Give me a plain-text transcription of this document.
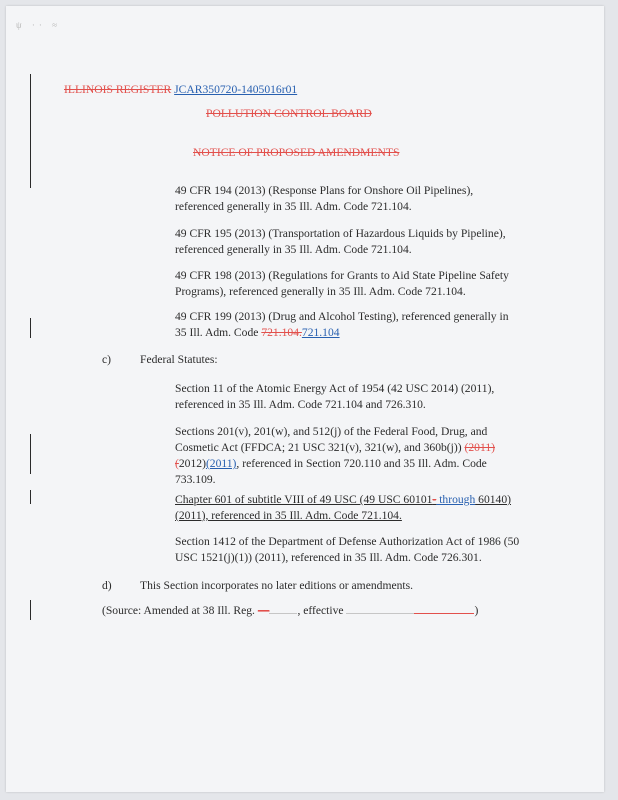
ψ ·· ≈
ILLINOIS REGISTER JCAR350720-1405016r01
POLLUTION CONTROL BOARD
NOTICE OF PROPOSED AMENDMENTS
49 CFR 194 (2013) (Response Plans for Onshore Oil Pipelines),
referenced generally in 35 Ill. Adm. Code 721.104.
49 CFR 195 (2013) (Transportation of Hazardous Liquids by Pipeline),
referenced generally in 35 Ill. Adm. Code 721.104.
49 CFR 198 (2013) (Regulations for Grants to Aid State Pipeline Safety
Programs), referenced generally in 35 Ill. Adm. Code 721.104.
49 CFR 199 (2013) (Drug and Alcohol Testing), referenced generally in
35 Ill. Adm. Code 721.104.721.104
c) Federal Statutes:
Section 11 of the Atomic Energy Act of 1954 (42 USC 2014) (2011),
referenced in 35 Ill. Adm. Code 721.104 and 726.310.
Sections 201(v), 201(w), and 512(j) of the Federal Food, Drug, and
Cosmetic Act (FFDCA; 21 USC 321(v), 321(w), and 360b(j)) (2011)
(2012)(2011), referenced in Section 720.110 and 35 Ill. Adm. Code
733.109.
Chapter 601 of subtitle VIII of 49 USC (49 USC 60101- through 60140)
(2011), referenced in 35 Ill. Adm. Code 721.104.
Section 1412 of the Department of Defense Authorization Act of 1986 (50
USC 1521(j)(1)) (2011), referenced in 35 Ill. Adm. Code 726.301.
d) This Section incorporates no later editions or amendments.
(Source: Amended at 38 Ill. Reg. — , effective	)
